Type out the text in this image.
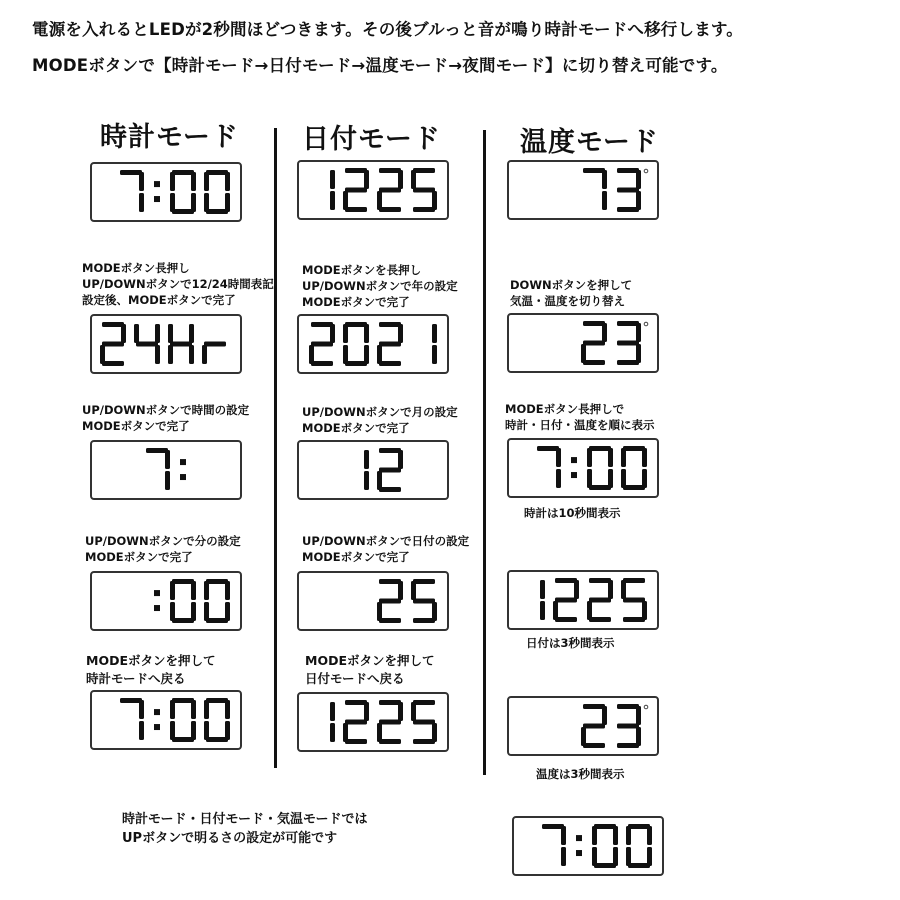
電源を入れるとLEDが2秒間ほどつきます。その後ブルっと音が鳴り時計モードへ移行します。
MODEボタンで【時計モード→日付モード→温度モード→夜間モード】に切り替え可能です。
時計モード 日付モード	温度モード
MODEボタン長押し
UP/DOWNボタンで12/24時間表記
設定後、MODEボタンで完了
UP/DOWNボタンで時間の設定
MODEボタンで完了
UP/DOWNボタンで分の設定
MODEボタンで完了
MODEボタンを押して
時計モードへ戻る
MODEボタンを長押し
UP/DOWNボタンで年の設定
MODEボタンで完了
UP/DOWNボタンで月の設定
MODEボタンで完了
UP/DOWNボタンで日付の設定
MODEボタンで完了
MODEボタンを押して
日付モードへ戻る
DOWNボタンを押して
気温・温度を切り替え
MODEボタン長押しで
時計・日付・温度を順に表示
時計は10秒間表示
日付は3秒間表示
温度は3秒間表示
時計モード・日付モード・気温モードでは
UPボタンで明るさの設定が可能です
